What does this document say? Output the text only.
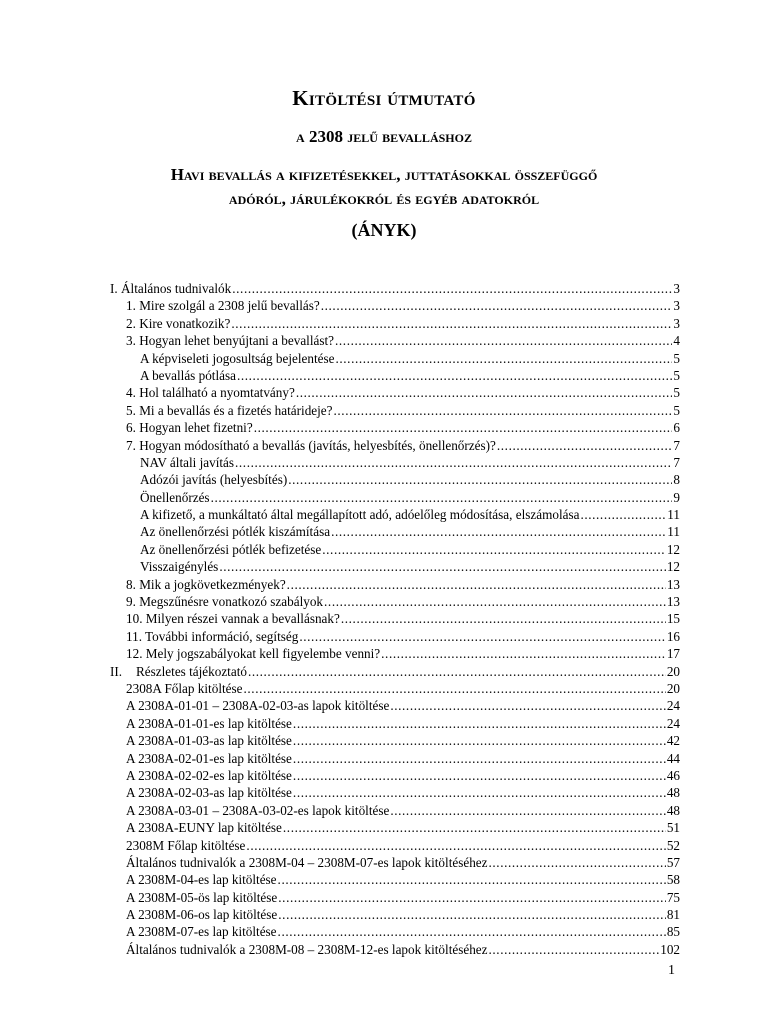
Kitöltési útmutató
a 2308 jelű bevalláshoz
Havi bevallás a kifizetésekkel, juttatásokkal összefüggő
adóról, járulékokról és egyéb adatokról
(ÁNYK)
I.
Általános tudnivalók .....	3
1. Mire szolgál a 2308 jelű bevallás? .....	3
2. Kire vonatkozik? .....	3
3. Hogyan lehet benyújtani a bevallást? .....	4
A képviseleti jogosultság bejelentése .....	5
A bevallás pótlása .....	5
4. Hol található a nyomtatvány? .....	5
5. Mi a bevallás és a fizetés határideje? .....	5
6. Hogyan lehet fizetni? .....	6
7. Hogyan módosítható a bevallás (javítás, helyesbítés, önellenőrzés)? .....	7
NAV általi javítás .....	7
Adózói javítás (helyesbítés) .....	8
Önellenőrzés .....	9
A kifizető, a munkáltató által megállapított adó, adóelőleg módosítása, elszámolása .....	11
Az önellenőrzési pótlék kiszámítása .....	11
Az önellenőrzési pótlék befizetése .....	12
Visszaigénylés .....	12
8. Mik a jogkövetkezmények? .....	13
9. Megszűnésre vonatkozó szabályok .....	13
10. Milyen részei vannak a bevallásnak? .....	15
11. További információ, segítség .....	16
12. Mely jogszabályokat kell figyelembe venni? .....	17
II.	Részletes tájékoztató .....	20
2308A Főlap kitöltése .....	20
A 2308A-01-01 – 2308A-02-03-as lapok kitöltése .....	24
A 2308A-01-01-es lap kitöltése .....	24
A 2308A-01-03-as lap kitöltése .....	42
A 2308A-02-01-es lap kitöltése .....	44
A 2308A-02-02-es lap kitöltése .....	46
A 2308A-02-03-as lap kitöltése .....	48
A 2308A-03-01 – 2308A-03-02-es lapok kitöltése .....	48
A 2308A-EUNY lap kitöltése .....	51
2308M Főlap kitöltése .....	52
Általános tudnivalók a 2308M-04 – 2308M-07-es lapok kitöltéséhez .....	57
A 2308M-04-es lap kitöltése .....	58
A 2308M-05-ös lap kitöltése .....	75
A 2308M-06-os lap kitöltése .....	81
A 2308M-07-es lap kitöltése .....	85
Általános tudnivalók a 2308M-08 – 2308M-12-es lapok kitöltéséhez .....	102
1
